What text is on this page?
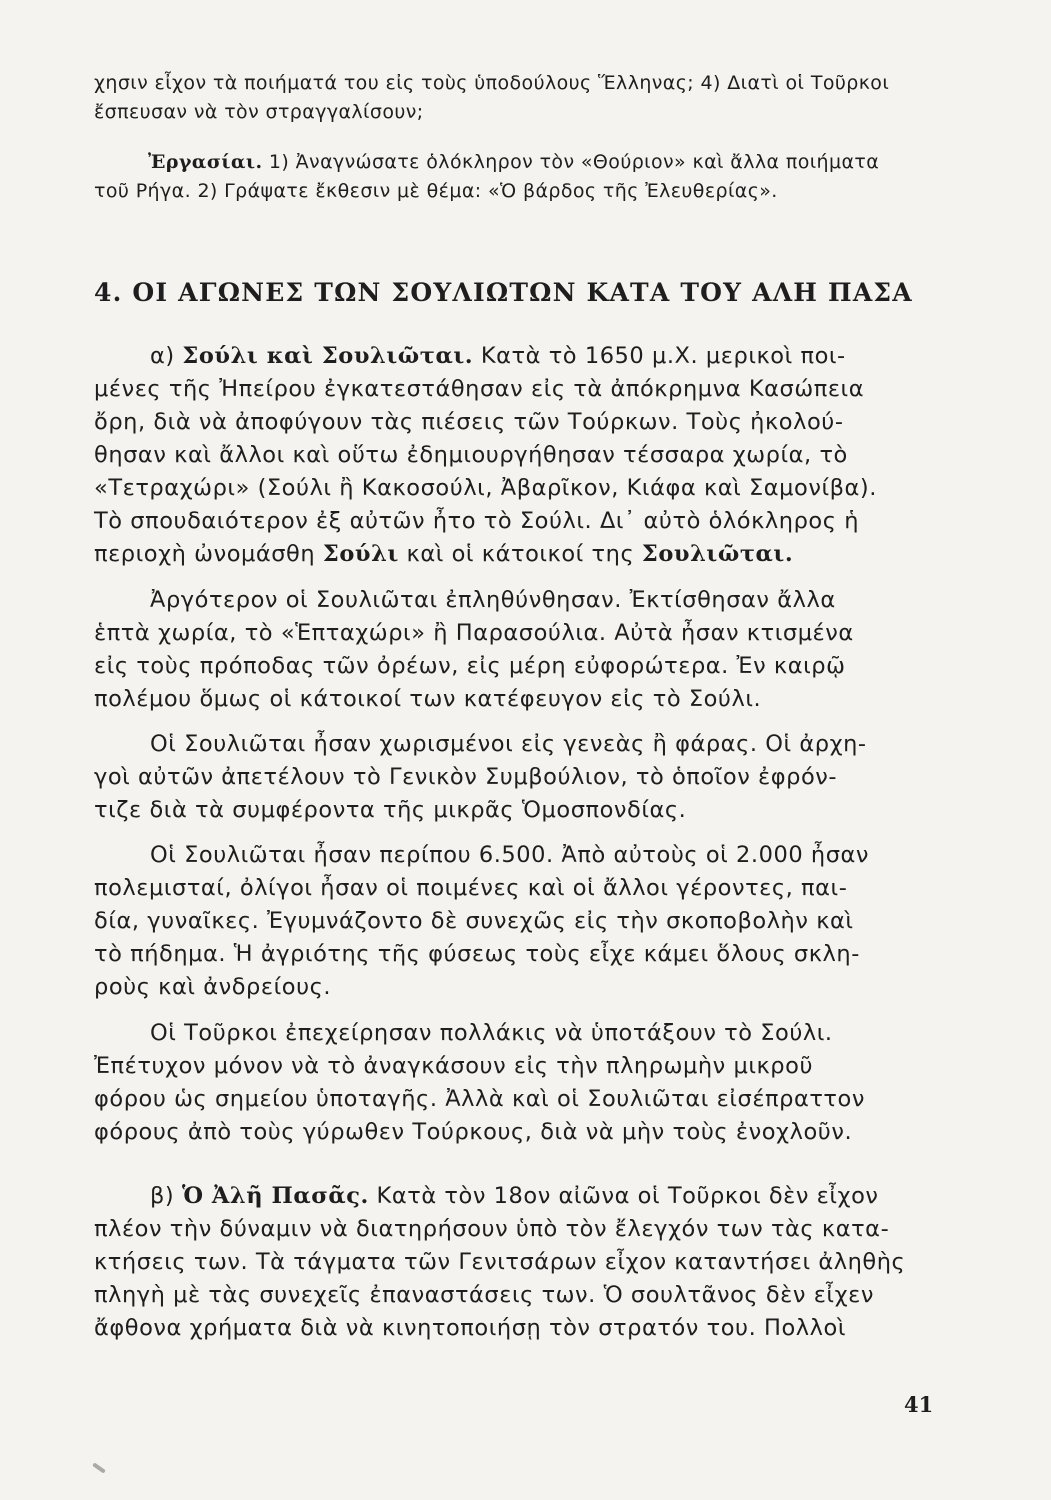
χησιν εἶχον τὰ ποιήματά του εἰς τοὺς ὑποδούλους Ἕλληνας; 4) Διατὶ οἱ Τοῦρκοι
ἔσπευσαν νὰ τὸν στραγγαλίσουν;
Ἐργασίαι. 1) Ἀναγνώσατε ὁλόκληρον τὸν «Θούριον» καὶ ἄλλα ποιήματα
τοῦ Ρήγα. 2) Γράψατε ἔκθεσιν μὲ θέμα: «Ὁ βάρδος τῆς Ἐλευθερίας».
4. ΟΙ ΑΓΩΝΕΣ ΤΩΝ ΣΟΥΛΙΩΤΩΝ ΚΑΤΑ ΤΟΥ ΑΛΗ ΠΑΣΑ
α) Σούλι καὶ Σουλιῶται. Κατὰ τὸ 1650 μ.Χ. μερικοὶ ποι-
μένες τῆς Ἠπείρου ἐγκατεστάθησαν εἰς τὰ ἀπόκρημνα Κασώπεια
ὄρη, διὰ νὰ ἀποφύγουν τὰς πιέσεις τῶν Τούρκων. Τοὺς ἠκολού-
θησαν καὶ ἄλλοι καὶ οὕτω ἐδημιουργήθησαν τέσσαρα χωρία, τὸ
«Τετραχώρι» (Σούλι ἢ Κακοσούλι, Ἀβαρῖκον, Κιάφα καὶ Σαμονίβα).
Τὸ σπουδαιότερον ἐξ αὐτῶν ἦτο τὸ Σούλι. Δι᾽ αὐτὸ ὁλόκληρος ἡ
περιοχὴ ὠνομάσθη Σούλι καὶ οἱ κάτοικοί της Σουλιῶται.
Ἀργότερον οἱ Σουλιῶται ἐπληθύνθησαν. Ἐκτίσθησαν ἄλλα
ἑπτὰ χωρία, τὸ «Ἑπταχώρι» ἢ Παρασούλια. Αὐτὰ ἦσαν κτισμένα
εἰς τοὺς πρόποδας τῶν ὀρέων, εἰς μέρη εὐφορώτερα. Ἐν καιρῷ
πολέμου ὅμως οἱ κάτοικοί των κατέφευγον εἰς τὸ Σούλι.
Οἱ Σουλιῶται ἦσαν χωρισμένοι εἰς γενεὰς ἢ φάρας. Οἱ ἀρχη-
γοὶ αὐτῶν ἀπετέλουν τὸ Γενικὸν Συμβούλιον, τὸ ὁποῖον ἐφρόν-
τιζε διὰ τὰ συμφέροντα τῆς μικρᾶς Ὁμοσπονδίας.
Οἱ Σουλιῶται ἦσαν περίπου 6.500. Ἀπὸ αὐτοὺς οἱ 2.000 ἦσαν
πολεμισταί, ὀλίγοι ἦσαν οἱ ποιμένες καὶ οἱ ἄλλοι γέροντες, παι-
δία, γυναῖκες. Ἐγυμνάζοντο δὲ συνεχῶς εἰς τὴν σκοποβολὴν καὶ
τὸ πήδημα. Ἡ ἀγριότης τῆς φύσεως τοὺς εἶχε κάμει ὅλους σκλη-
ροὺς καὶ ἀνδρείους.
Οἱ Τοῦρκοι ἐπεχείρησαν πολλάκις νὰ ὑποτάξουν τὸ Σούλι.
Ἐπέτυχον μόνον νὰ τὸ ἀναγκάσουν εἰς τὴν πληρωμὴν μικροῦ
φόρου ὡς σημείου ὑποταγῆς. Ἀλλὰ καὶ οἱ Σουλιῶται εἰσέπραττον
φόρους ἀπὸ τοὺς γύρωθεν Τούρκους, διὰ νὰ μὴν τοὺς ἐνοχλοῦν.
β) Ὁ Ἀλῆ Πασᾶς. Κατὰ τὸν 18ον αἰῶνα οἱ Τοῦρκοι δὲν εἶχον
πλέον τὴν δύναμιν νὰ διατηρήσουν ὑπὸ τὸν ἔλεγχόν των τὰς κατα-
κτήσεις των. Τὰ τάγματα τῶν Γενιτσάρων εἶχον καταντήσει ἀληθὴς
πληγὴ μὲ τὰς συνεχεῖς ἐπαναστάσεις των. Ὁ σουλτᾶνος δὲν εἶχεν
ἄφθονα χρήματα διὰ νὰ κινητοποιήσῃ τὸν στρατόν του. Πολλοὶ
41
